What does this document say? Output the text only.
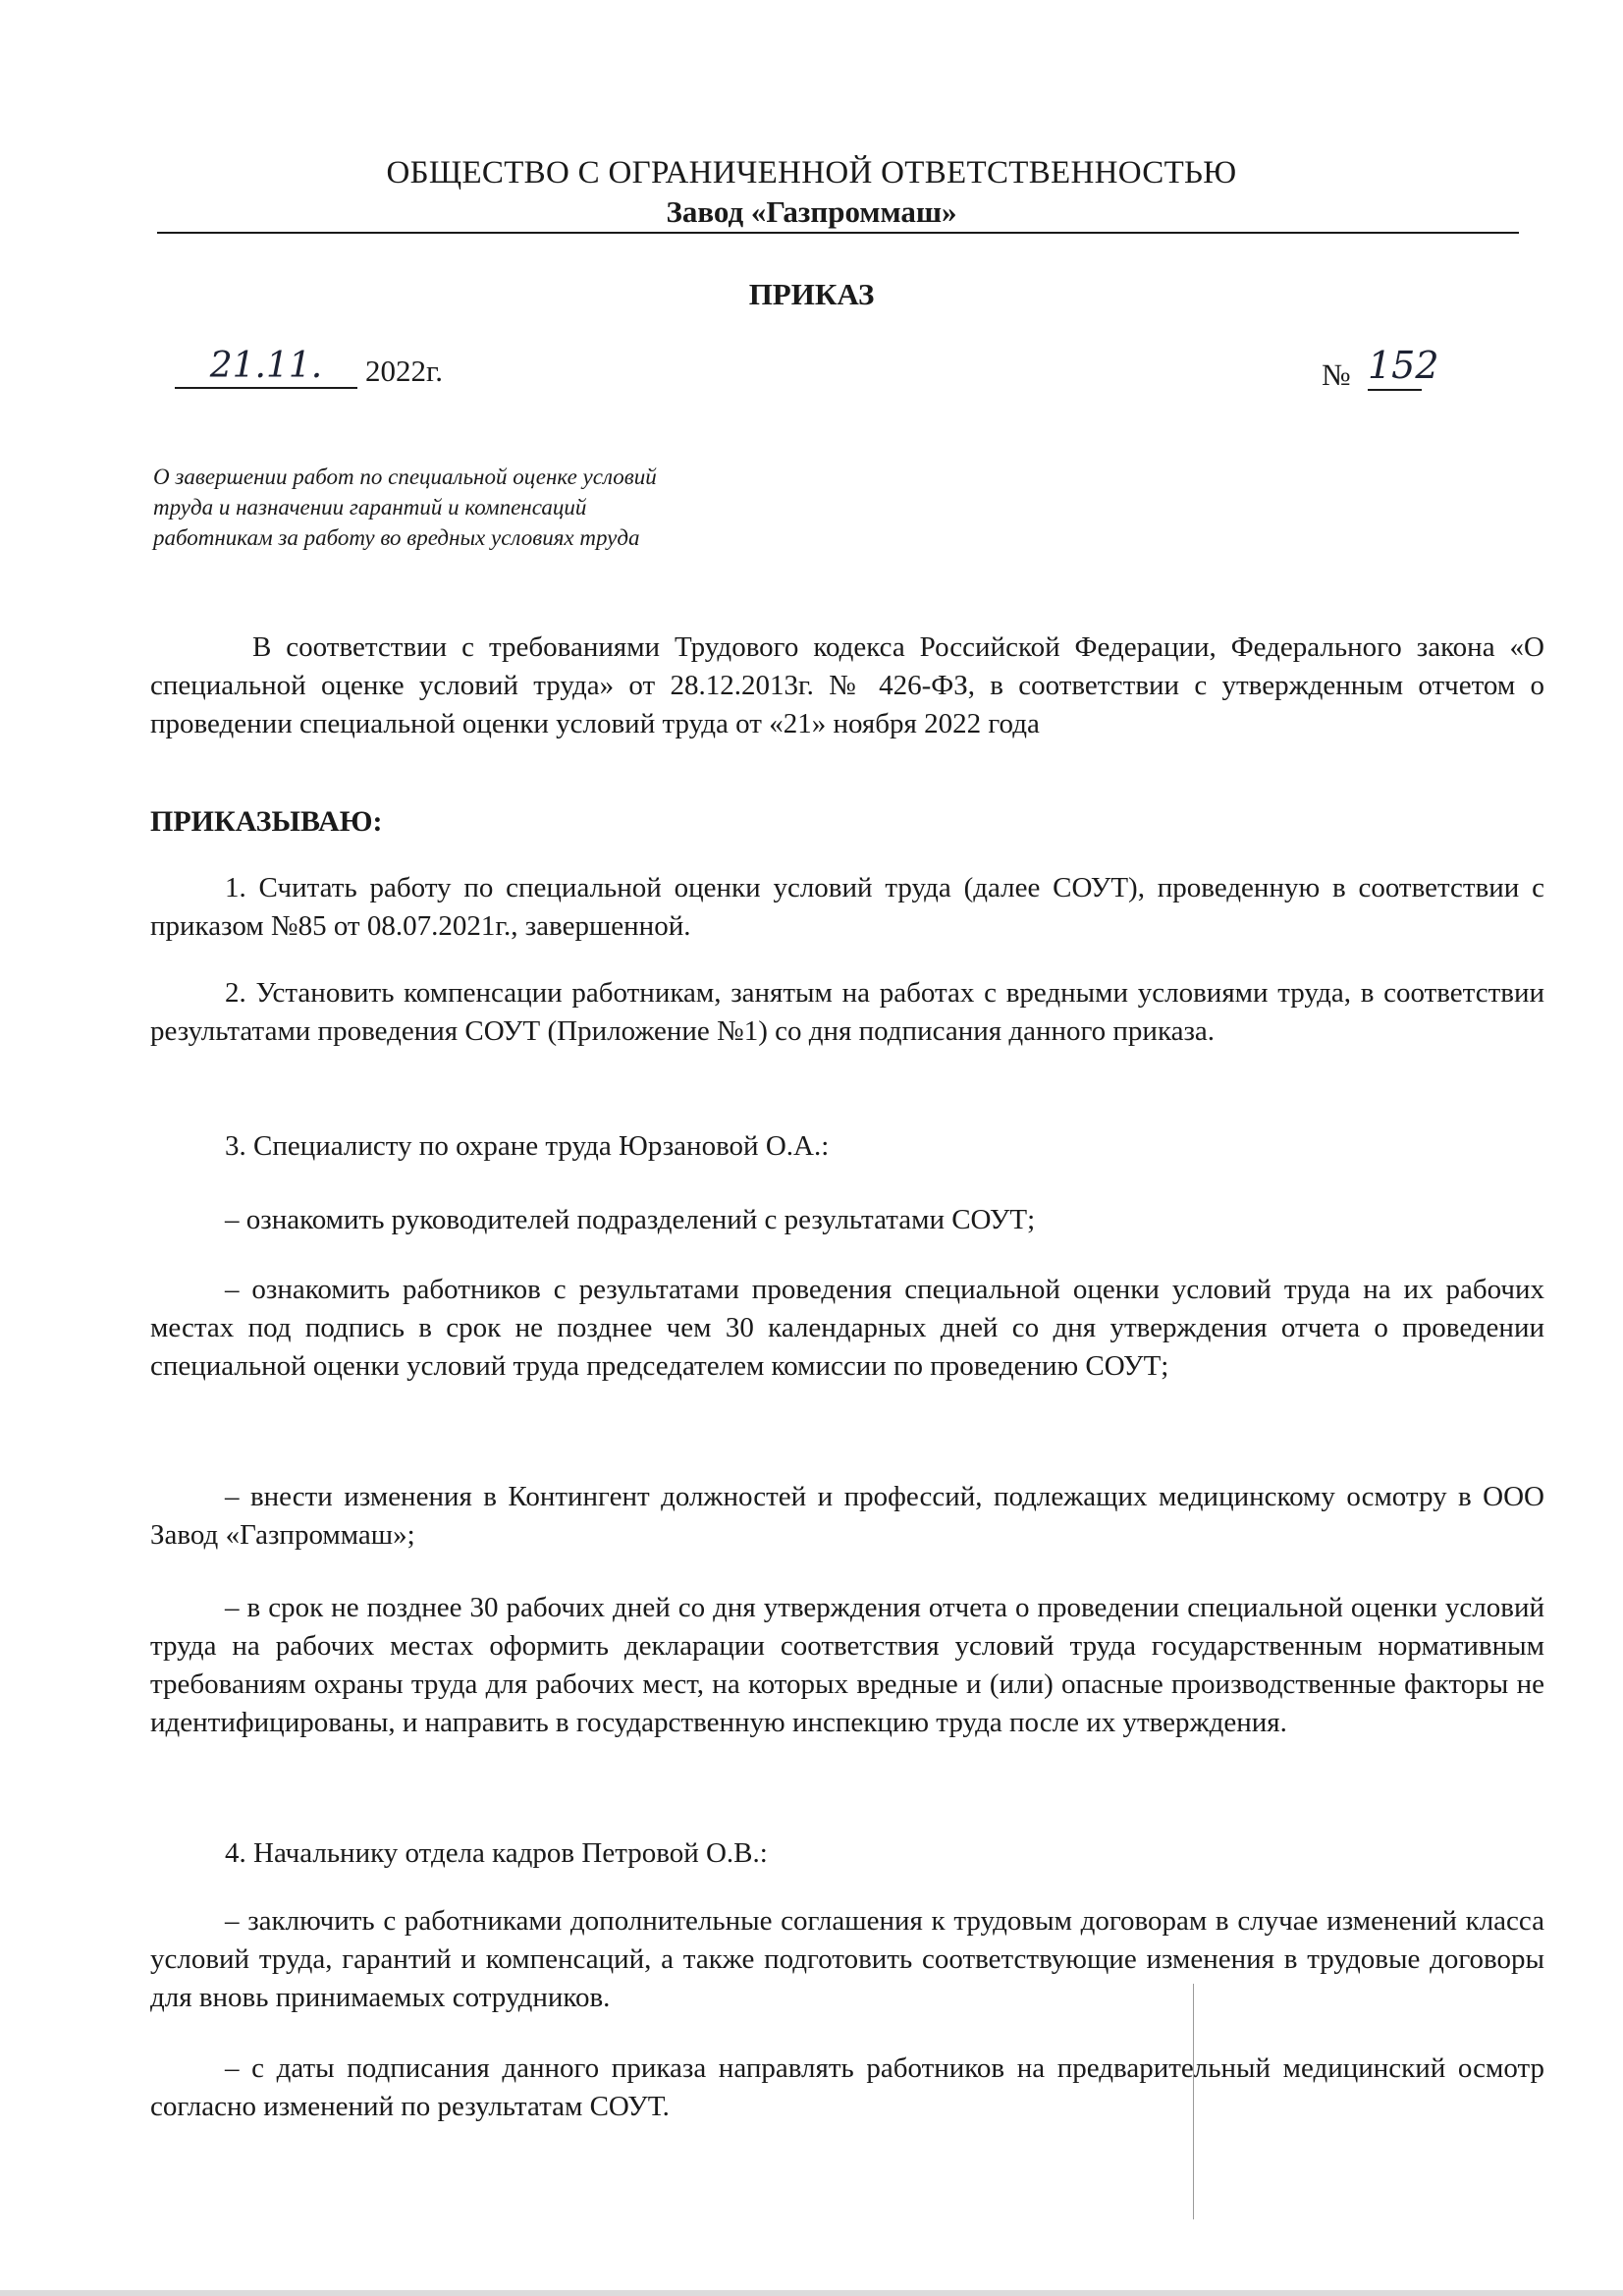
ОБЩЕСТВО С ОГРАНИЧЕННОЙ ОТВЕТСТВЕННОСТЬЮ
Завод «Газпроммаш»
ПРИКАЗ
21.11.	2022г.	№ 152
О завершении работ по специальной оценке условий труда и назначении гарантий и компенсаций работникам за работу во вредных условиях труда
В соответствии с требованиями Трудового кодекса Российской Федерации, Федерального закона «О специальной оценке условий труда» от 28.12.2013г. № 426-ФЗ, в соответствии с утвержденным отчетом о проведении специальной оценки условий труда от «21» ноября 2022 года
ПРИКАЗЫВАЮ:
1. Считать работу по специальной оценки условий труда (далее СОУТ), проведенную в соответствии с приказом №85 от 08.07.2021г., завершенной.
2. Установить компенсации работникам, занятым на работах с вредными условиями труда, в соответствии результатами проведения СОУТ (Приложение №1) со дня подписания данного приказа.
3. Специалисту по охране труда Юрзановой О.А.:
– ознакомить руководителей подразделений с результатами СОУТ;
– ознакомить работников с результатами проведения специальной оценки условий труда на их рабочих местах под подпись в срок не позднее чем 30 календарных дней со дня утверждения отчета о проведении специальной оценки условий труда председателем комиссии по проведению СОУТ;
– внести изменения в Контингент должностей и профессий, подлежащих медицинскому осмотру в ООО Завод «Газпроммаш»;
– в срок не позднее 30 рабочих дней со дня утверждения отчета о проведении специальной оценки условий труда на рабочих местах оформить декларации соответствия условий труда государственным нормативным требованиям охраны труда для рабочих мест, на которых вредные и (или) опасные производственные факторы не идентифицированы, и направить в государственную инспекцию труда после их утверждения.
4. Начальнику отдела кадров Петровой О.В.:
– заключить с работниками дополнительные соглашения к трудовым договорам в случае изменений класса условий труда, гарантий и компенсаций, а также подготовить соответствующие изменения в трудовые договоры для вновь принимаемых сотрудников.
– с даты подписания данного приказа направлять работников на предварительный медицинский осмотр согласно изменений по результатам СОУТ.
